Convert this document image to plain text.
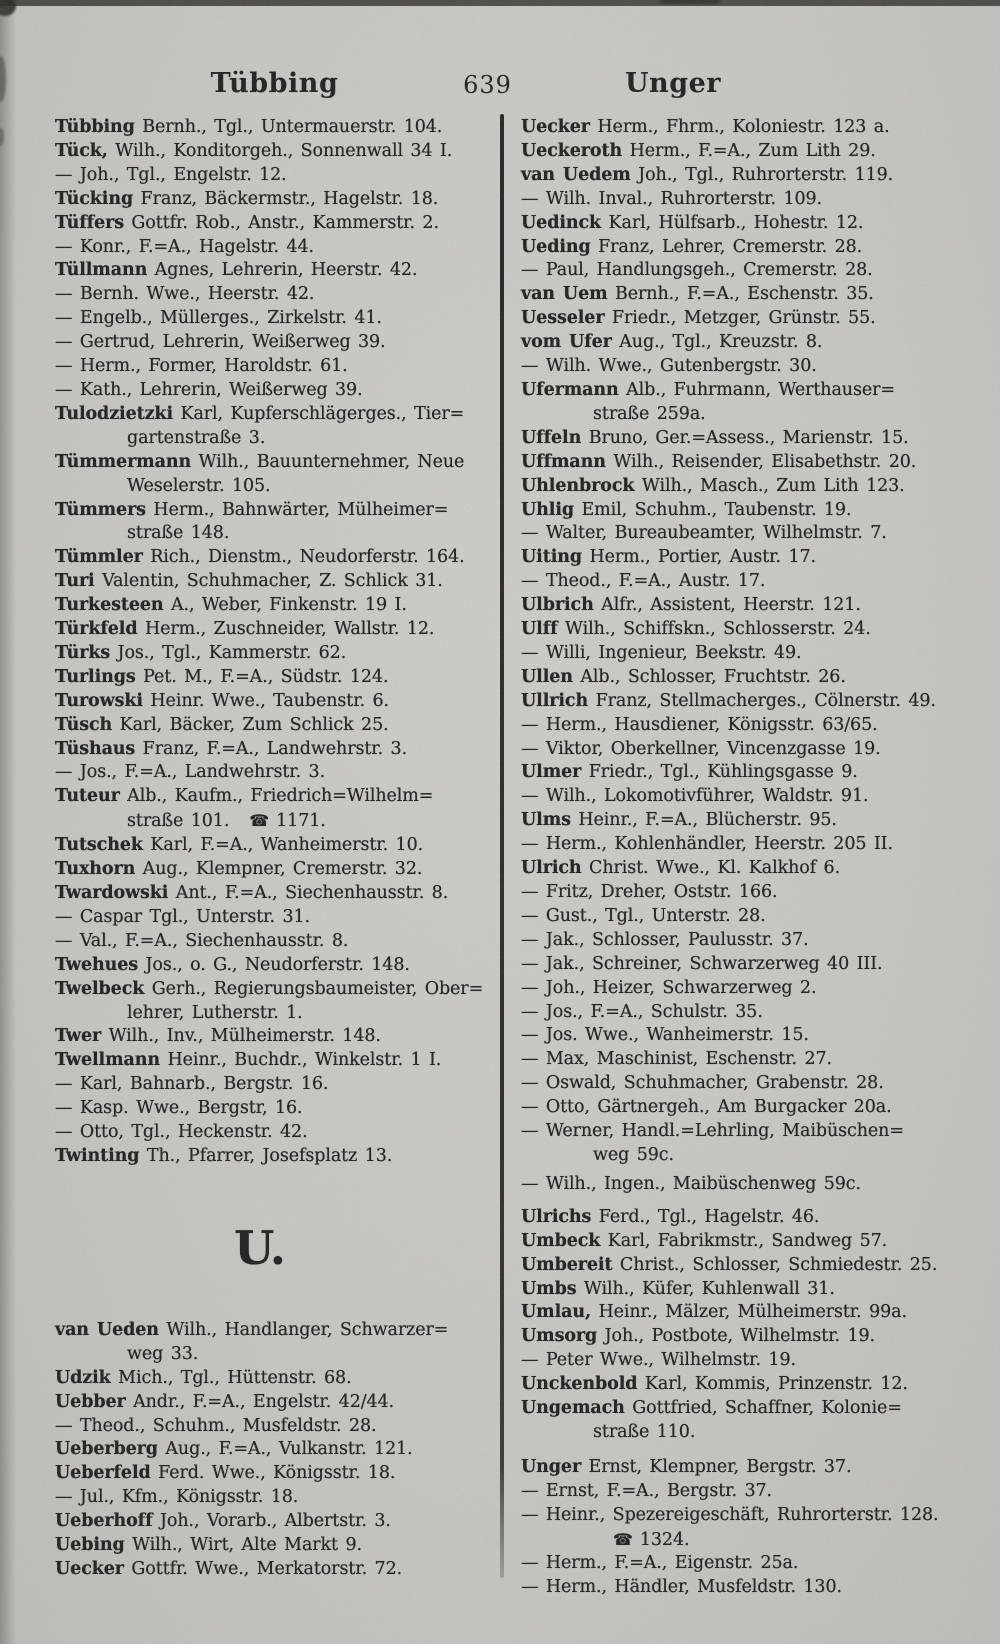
Tübbing	639	Unger
Tübbing Bernh., Tgl., Untermauerstr. 104.
Tück, Wilh., Konditorgeh., Sonnenwall 34 I.
— Joh., Tgl., Engelstr. 12.
Tücking Franz, Bäckermstr., Hagelstr. 18.
Tüffers Gottfr. Rob., Anstr., Kammerstr. 2.
— Konr., F.=A., Hagelstr. 44.
Tüllmann Agnes, Lehrerin, Heerstr. 42.
— Bernh. Wwe., Heerstr. 42.
— Engelb., Müllerges., Zirkelstr. 41.
— Gertrud, Lehrerin, Weißerweg 39.
— Herm., Former, Haroldstr. 61.
— Kath., Lehrerin, Weißerweg 39.
Tulodzietzki Karl, Kupferschlägerges., Tier=
gartenstraße 3.
Tümmermann Wilh., Bauunternehmer, Neue
Weselerstr. 105.
Tümmers Herm., Bahnwärter, Mülheimer=
straße 148.
Tümmler Rich., Dienstm., Neudorferstr. 164.
Turi Valentin, Schuhmacher, Z. Schlick 31.
Turkesteen A., Weber, Finkenstr. 19 I.
Türkfeld Herm., Zuschneider, Wallstr. 12.
Türks Jos., Tgl., Kammerstr. 62.
Turlings Pet. M., F.=A., Südstr. 124.
Turowski Heinr. Wwe., Taubenstr. 6.
Tüsch Karl, Bäcker, Zum Schlick 25.
Tüshaus Franz, F.=A., Landwehrstr. 3.
— Jos., F.=A., Landwehrstr. 3.
Tuteur Alb., Kaufm., Friedrich=Wilhelm=
straße 101. ☎ 1171.
Tutschek Karl, F.=A., Wanheimerstr. 10.
Tuxhorn Aug., Klempner, Cremerstr. 32.
Twardowski Ant., F.=A., Siechenhausstr. 8.
— Caspar Tgl., Unterstr. 31.
— Val., F.=A., Siechenhausstr. 8.
Twehues Jos., o. G., Neudorferstr. 148.
Twelbeck Gerh., Regierungsbaumeister, Ober=
lehrer, Lutherstr. 1.
Twer Wilh., Inv., Mülheimerstr. 148.
Twellmann Heinr., Buchdr., Winkelstr. 1 I.
— Karl, Bahnarb., Bergstr. 16.
— Kasp. Wwe., Bergstr, 16.
— Otto, Tgl., Heckenstr. 42.
Twinting Th., Pfarrer, Josefsplatz 13.
U.
van Ueden Wilh., Handlanger, Schwarzer=
weg 33.
Udzik Mich., Tgl., Hüttenstr. 68.
Uebber Andr., F.=A., Engelstr. 42/44.
— Theod., Schuhm., Musfeldstr. 28.
Ueberberg Aug., F.=A., Vulkanstr. 121.
Ueberfeld Ferd. Wwe., Königsstr. 18.
— Jul., Kfm., Königsstr. 18.
Ueberhoff Joh., Vorarb., Albertstr. 3.
Uebing Wilh., Wirt, Alte Markt 9.
Uecker Gottfr. Wwe., Merkatorstr. 72.
Uecker Herm., Fhrm., Koloniestr. 123 a.
Ueckeroth Herm., F.=A., Zum Lith 29.
van Uedem Joh., Tgl., Ruhrorterstr. 119.
— Wilh. Inval., Ruhrorterstr. 109.
Uedinck Karl, Hülfsarb., Hohestr. 12.
Ueding Franz, Lehrer, Cremerstr. 28.
— Paul, Handlungsgeh., Cremerstr. 28.
van Uem Bernh., F.=A., Eschenstr. 35.
Uesseler Friedr., Metzger, Grünstr. 55.
vom Ufer Aug., Tgl., Kreuzstr. 8.
— Wilh. Wwe., Gutenbergstr. 30.
Ufermann Alb., Fuhrmann, Werthauser=
straße 259a.
Uffeln Bruno, Ger.=Assess., Marienstr. 15.
Uffmann Wilh., Reisender, Elisabethstr. 20.
Uhlenbrock Wilh., Masch., Zum Lith 123.
Uhlig Emil, Schuhm., Taubenstr. 19.
— Walter, Bureaubeamter, Wilhelmstr. 7.
Uiting Herm., Portier, Austr. 17.
— Theod., F.=A., Austr. 17.
Ulbrich Alfr., Assistent, Heerstr. 121.
Ulff Wilh., Schiffskn., Schlosserstr. 24.
— Willi, Ingenieur, Beekstr. 49.
Ullen Alb., Schlosser, Fruchtstr. 26.
Ullrich Franz, Stellmacherges., Cölnerstr. 49.
— Herm., Hausdiener, Königsstr. 63/65.
— Viktor, Oberkellner, Vincenzgasse 19.
Ulmer Friedr., Tgl., Kühlingsgasse 9.
— Wilh., Lokomotivführer, Waldstr. 91.
Ulms Heinr., F.=A., Blücherstr. 95.
— Herm., Kohlenhändler, Heerstr. 205 II.
Ulrich Christ. Wwe., Kl. Kalkhof 6.
— Fritz, Dreher, Oststr. 166.
— Gust., Tgl., Unterstr. 28.
— Jak., Schlosser, Paulusstr. 37.
— Jak., Schreiner, Schwarzerweg 40 III.
— Joh., Heizer, Schwarzerweg 2.
— Jos., F.=A., Schulstr. 35.
— Jos. Wwe., Wanheimerstr. 15.
— Max, Maschinist, Eschenstr. 27.
— Oswald, Schuhmacher, Grabenstr. 28.
— Otto, Gärtnergeh., Am Burgacker 20a.
— Werner, Handl.=Lehrling, Maibüschen=
weg 59c.
— Wilh., Ingen., Maibüschenweg 59c.
Ulrichs Ferd., Tgl., Hagelstr. 46.
Umbeck Karl, Fabrikmstr., Sandweg 57.
Umbereit Christ., Schlosser, Schmiedestr. 25.
Umbs Wilh., Küfer, Kuhlenwall 31.
Umlau, Heinr., Mälzer, Mülheimerstr. 99a.
Umsorg Joh., Postbote, Wilhelmstr. 19.
— Peter Wwe., Wilhelmstr. 19.
Unckenbold Karl, Kommis, Prinzenstr. 12.
Ungemach Gottfried, Schaffner, Kolonie=
straße 110.
Unger Ernst, Klempner, Bergstr. 37.
— Ernst, F.=A., Bergstr. 37.
— Heinr., Spezereigeschäft, Ruhrorterstr. 128.
☎ 1324.
— Herm., F.=A., Eigenstr. 25a.
— Herm., Händler, Musfeldstr. 130.
